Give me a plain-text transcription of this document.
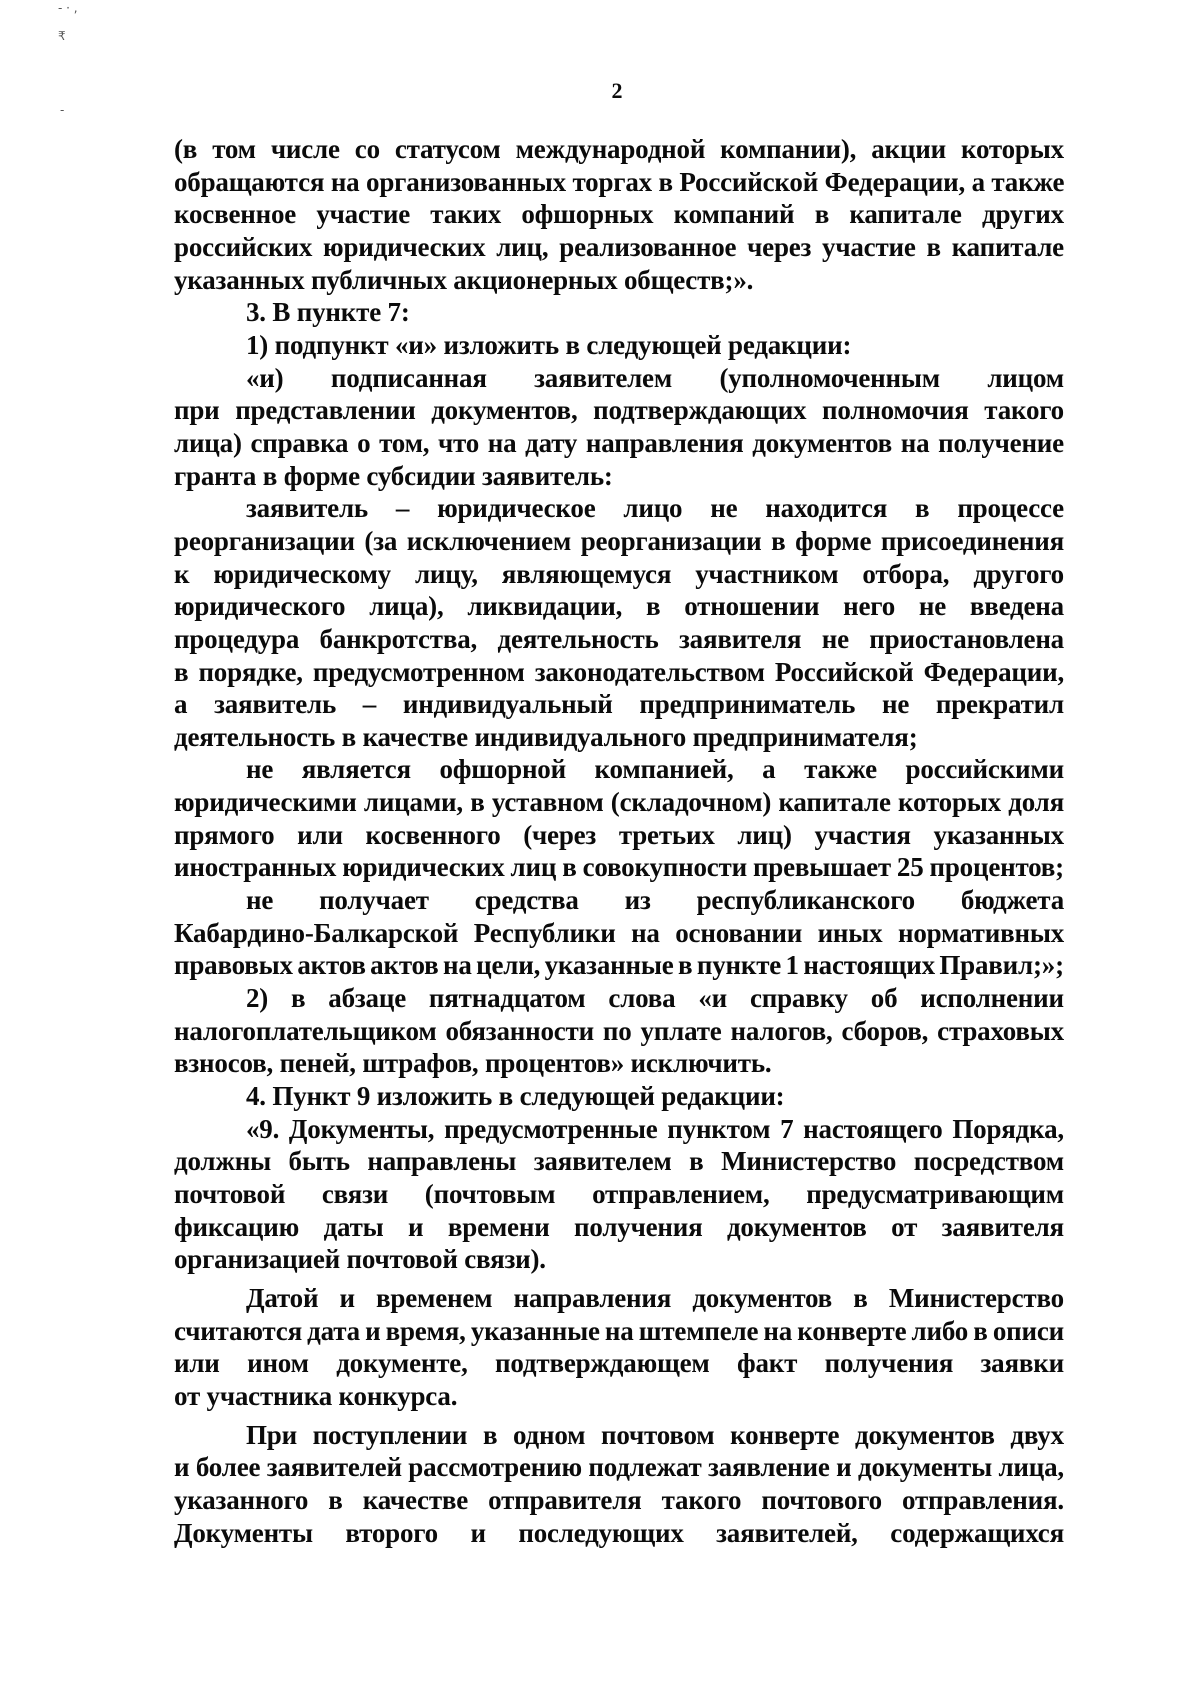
- · ,
₹
-
2
(в том числе со статусом международной компании), акции которых
обращаются на организованных торгах в Российской Федерации, а также
косвенное участие таких офшорных компаний в капитале других
российских юридических лиц, реализованное через участие в капитале
указанных публичных акционерных обществ;».
3. В пункте 7:
1) подпункт «и» изложить в следующей редакции:
«и) подписанная заявителем (уполномоченным лицом
при представлении документов, подтверждающих полномочия такого
лица) справка о том, что на дату направления документов на получение
гранта в форме субсидии заявитель:
заявитель – юридическое лицо не находится в процессе
реорганизации (за исключением реорганизации в форме присоединения
к юридическому лицу, являющемуся участником отбора, другого
юридического лица), ликвидации, в отношении него не введена
процедура банкротства, деятельность заявителя не приостановлена
в порядке, предусмотренном законодательством Российской Федерации,
а заявитель – индивидуальный предприниматель не прекратил
деятельность в качестве индивидуального предпринимателя;
не является офшорной компанией, а также российскими
юридическими лицами, в уставном (складочном) капитале которых доля
прямого или косвенного (через третьих лиц) участия указанных
иностранных юридических лиц в совокупности превышает 25 процентов;
не получает средства из республиканского бюджета
Кабардино-Балкарской Республики на основании иных нормативных
правовых актов актов на цели, указанные в пункте 1 настоящих Правил;»;
2) в абзаце пятнадцатом слова «и справку об исполнении
налогоплательщиком обязанности по уплате налогов, сборов, страховых
взносов, пеней, штрафов, процентов» исключить.
4. Пункт 9 изложить в следующей редакции:
«9. Документы, предусмотренные пунктом 7 настоящего Порядка,
должны быть направлены заявителем в Министерство посредством
почтовой связи (почтовым отправлением, предусматривающим
фиксацию даты и времени получения документов от заявителя
организацией почтовой связи).
Датой и временем направления документов в Министерство
считаются дата и время, указанные на штемпеле на конверте либо в описи
или ином документе, подтверждающем факт получения заявки
от участника конкурса.
При поступлении в одном почтовом конверте документов двух
и более заявителей рассмотрению подлежат заявление и документы лица,
указанного в качестве отправителя такого почтового отправления.
Документы второго и последующих заявителей, содержащихся
